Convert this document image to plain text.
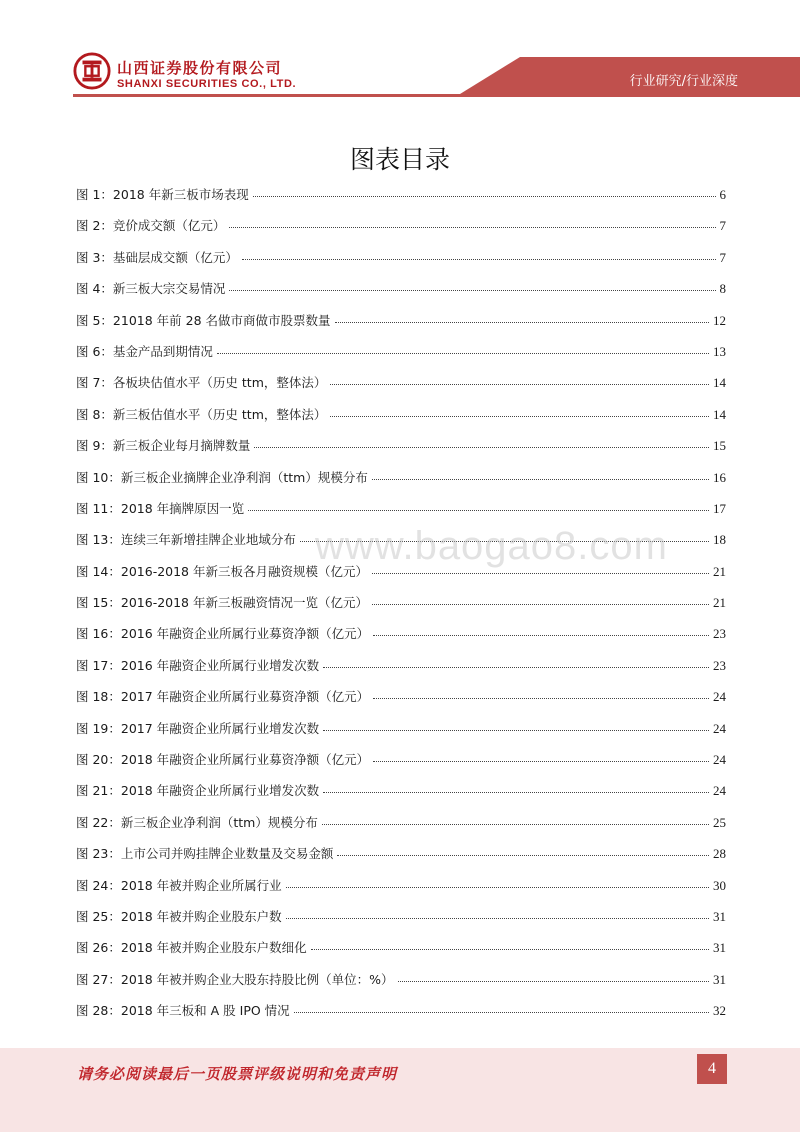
山西证券股份有限公司
SHANXI SECURITIES CO., LTD.	行业研究/行业深度
图表目录
图 1：2018 年新三板市场表现	6
图 2：竞价成交额（亿元）	7
图 3：基础层成交额（亿元）	7
图 4：新三板大宗交易情况	8
图 5：21018 年前 28 名做市商做市股票数量	12
图 6：基金产品到期情况	13
图 7：各板块估值水平（历史 ttm，整体法）	14
图 8：新三板估值水平（历史 ttm，整体法）	14
图 9：新三板企业每月摘牌数量	15
图 10：新三板企业摘牌企业净利润（ttm）规模分布	16
图 11：2018 年摘牌原因一览	17
图 13：连续三年新增挂牌企业地域分布	18
图 14：2016-2018 年新三板各月融资规模（亿元）	21
图 15：2016-2018 年新三板融资情况一览（亿元）	21
图 16：2016 年融资企业所属行业募资净额（亿元）	23
图 17：2016 年融资企业所属行业增发次数	23
图 18：2017 年融资企业所属行业募资净额（亿元）	24
图 19：2017 年融资企业所属行业增发次数	24
图 20：2018 年融资企业所属行业募资净额（亿元）	24
图 21：2018 年融资企业所属行业增发次数	24
图 22：新三板企业净利润（ttm）规模分布	25
图 23：上市公司并购挂牌企业数量及交易金额	28
图 24：2018 年被并购企业所属行业	30
图 25：2018 年被并购企业股东户数	31
图 26：2018 年被并购企业股东户数细化	31
图 27：2018 年被并购企业大股东持股比例（单位：%）	31
图 28：2018 年三板和 A 股 IPO 情况	32
www.baogao8.com
请务必阅读最后一页股票评级说明和免责声明	4
